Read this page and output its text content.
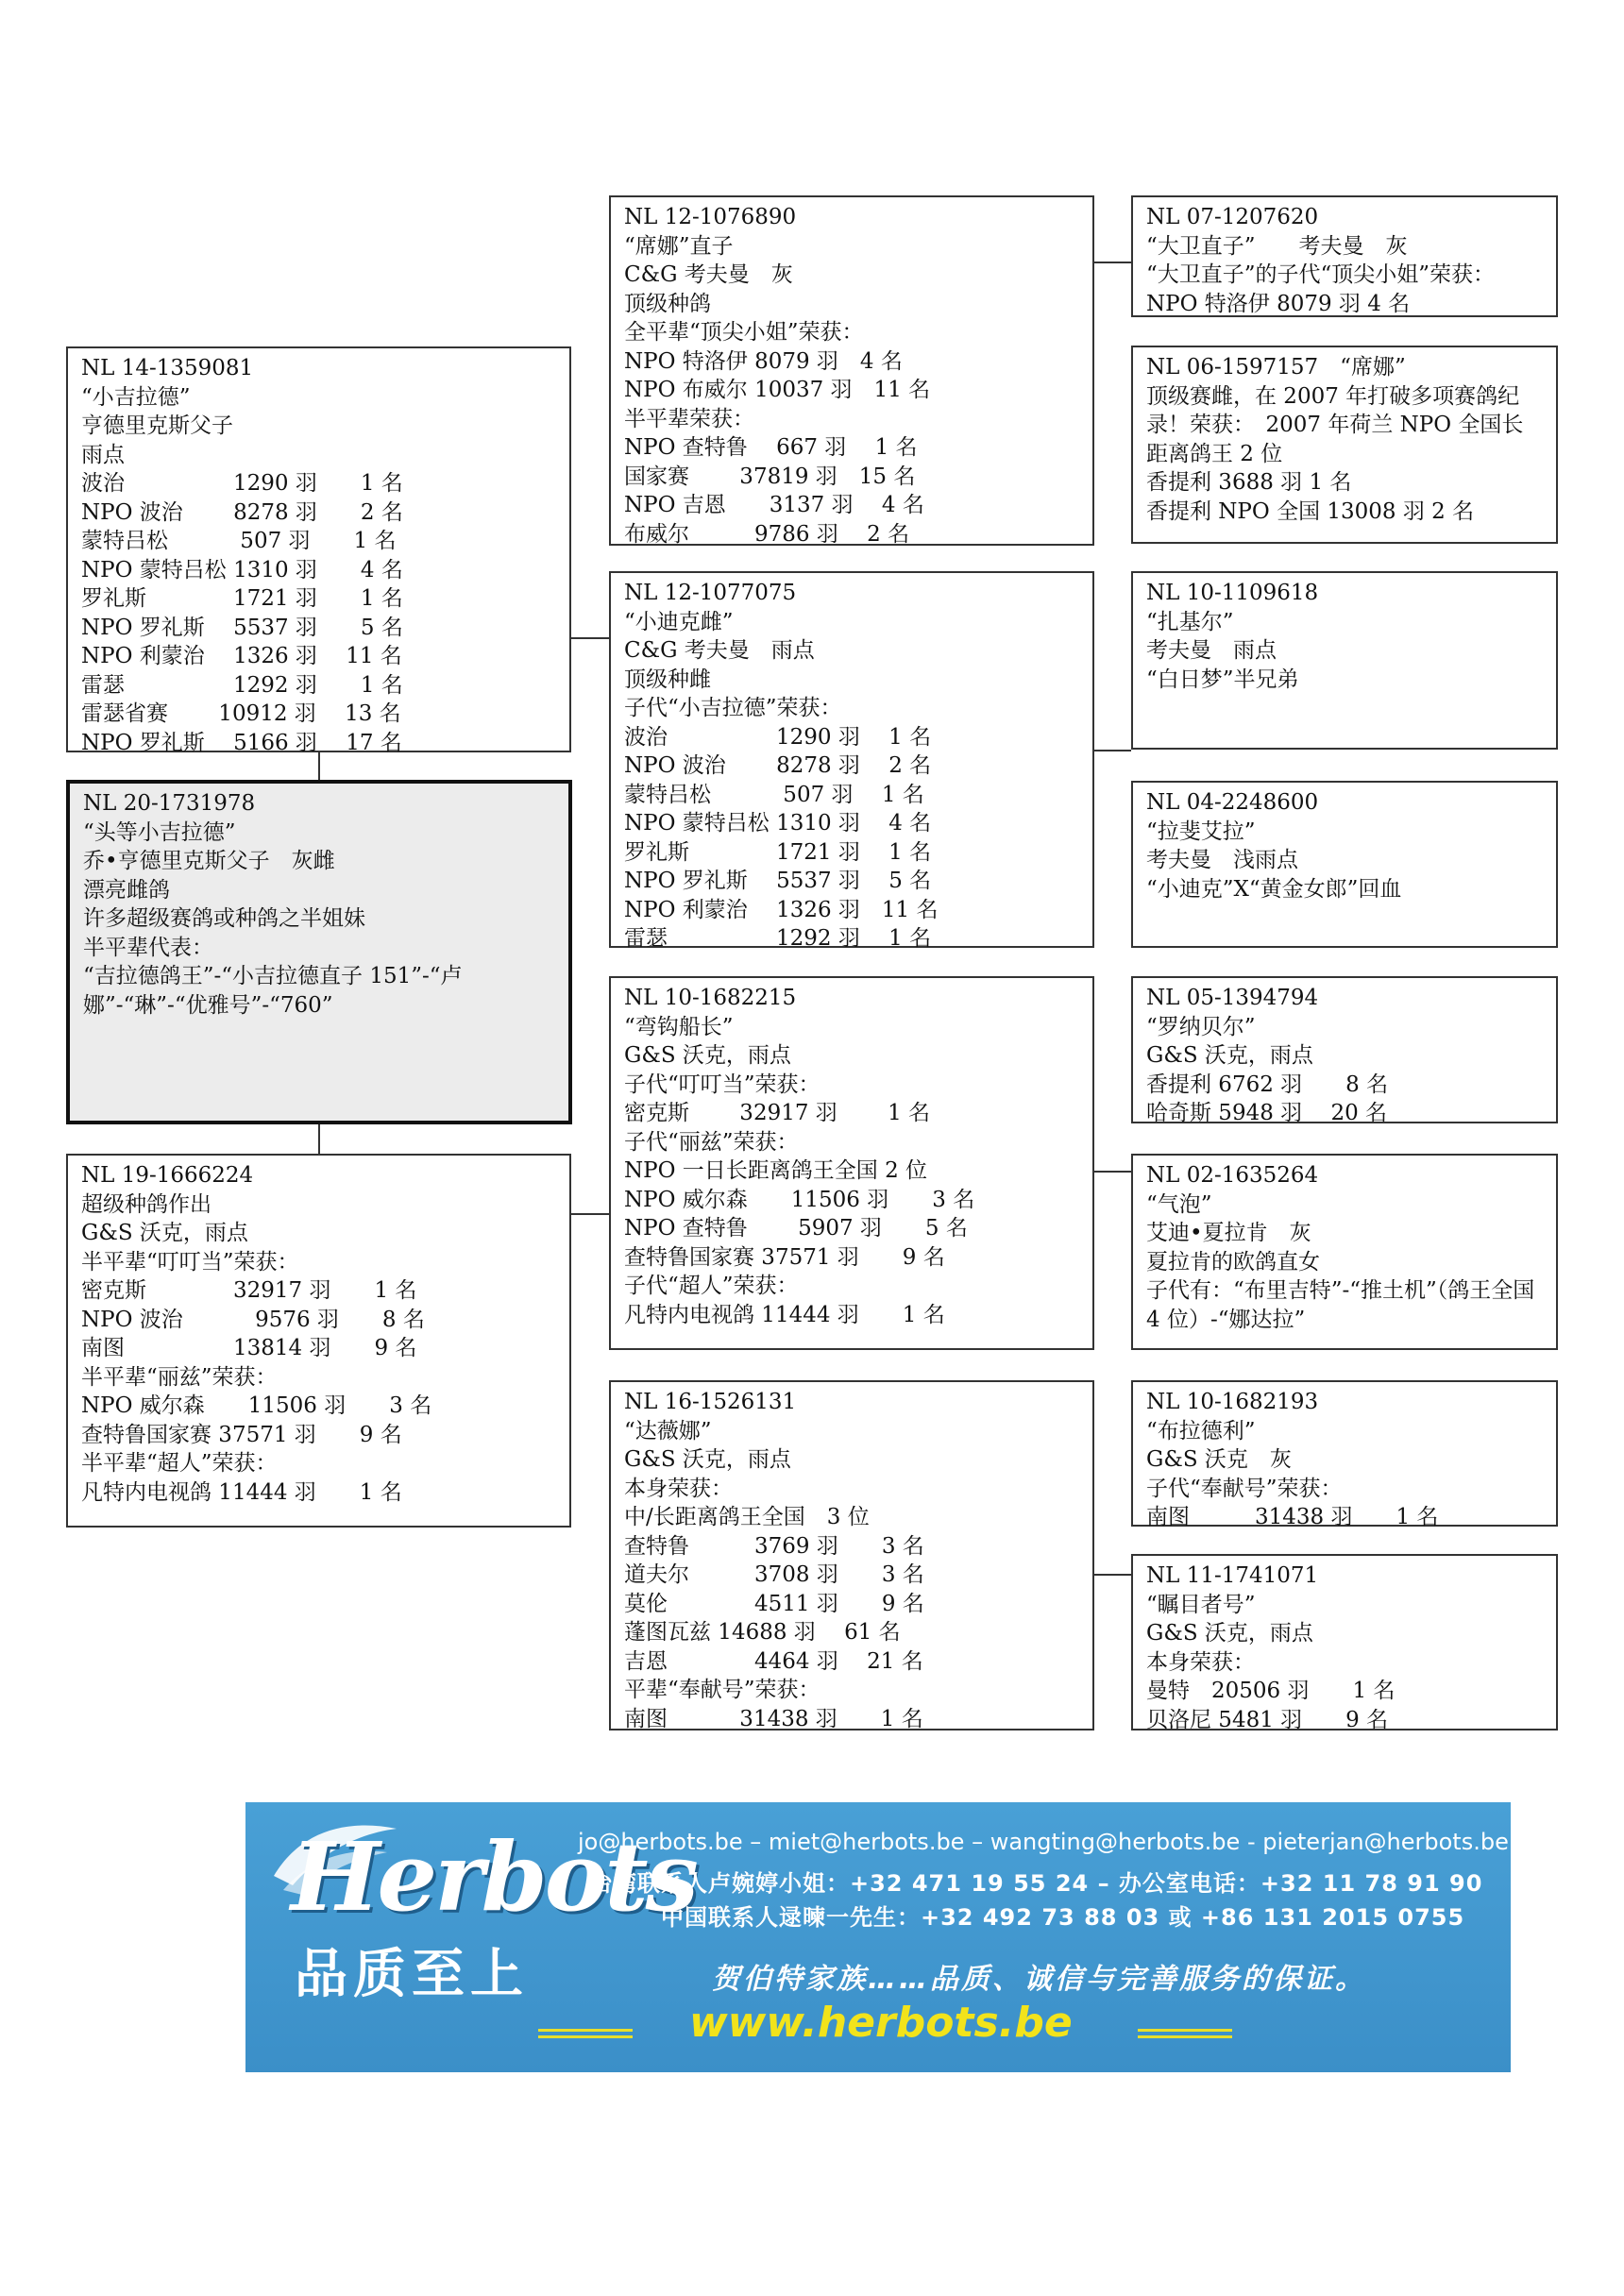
NL 14-1359081
“小吉拉德”
亨德里克斯父子
雨点
波治　　　　　1290 羽　　1 名
NPO 波治　　 8278 羽　　2 名
蒙特吕松　　　 507 羽　　1 名
NPO 蒙特吕松 1310 羽　　4 名
罗礼斯　　　　1721 羽　　1 名
NPO 罗礼斯　 5537 羽　　5 名
NPO 利蒙治　 1326 羽　 11 名
雷瑟　　　　　1292 羽　　1 名
雷瑟省赛　　 10912 羽　 13 名
NPO 罗礼斯　 5166 羽　 17 名
NL 20-1731978
“头等小吉拉德”
乔•亨德里克斯父子　灰雌
漂亮雌鸽
许多超级赛鸽或种鸽之半姐妹
半平辈代表：
“吉拉德鸽王”-“小吉拉德直子 151”-“卢娜”-“琳”-“优雅号”-“760”
NL 19-1666224
超级种鸽作出
G&S 沃克，雨点
半平辈“叮叮当”荣获：
密克斯　　　　32917 羽　　1 名
NPO 波治　　　 9576 羽　　8 名
南图　　　　　13814 羽　　9 名
半平辈“丽兹”荣获：
NPO 威尔森　　11506 羽　　3 名
查特鲁国家赛 37571 羽　　9 名
半平辈“超人”荣获：
凡特内电视鸽 11444 羽　　1 名
NL 12-1076890
“席娜”直子
C&G 考夫曼　灰
顶级种鸽
全平辈“顶尖小姐”荣获：
NPO 特洛伊 8079 羽　4 名
NPO 布威尔 10037 羽　11 名
半平辈荣获：
NPO 查特鲁　 667 羽　 1 名
国家赛　　 37819 羽　15 名
NPO 吉恩　　3137 羽　 4 名
布威尔　　　9786 羽　 2 名
NL 12-1077075
“小迪克雌”
C&G 考夫曼　雨点
顶级种雌
子代“小吉拉德”荣获：
波治　　　　　1290 羽　 1 名
NPO 波治　　 8278 羽　 2 名
蒙特吕松　　　 507 羽　 1 名
NPO 蒙特吕松 1310 羽　 4 名
罗礼斯　　　　1721 羽　 1 名
NPO 罗礼斯　 5537 羽　 5 名
NPO 利蒙治　 1326 羽　11 名
雷瑟　　　　　1292 羽　 1 名
NL 10-1682215
“弯钩船长”
G&S 沃克，雨点
子代“叮叮当”荣获：
密克斯　　 32917 羽　　 1 名
子代“丽兹”荣获：
NPO 一日长距离鸽王全国 2 位
NPO 威尔森　　11506 羽　　3 名
NPO 查特鲁　　 5907 羽　　5 名
查特鲁国家赛 37571 羽　　9 名
子代“超人”荣获：
凡特内电视鸽 11444 羽　　1 名
NL 16-1526131
“达薇娜”
G&S 沃克，雨点
本身荣获：
中/长距离鸽王全国　3 位
查特鲁　　　3769 羽　　3 名
道夫尔　　　3708 羽　　3 名
莫伦　　　　4511 羽　　9 名
蓬图瓦兹 14688 羽　 61 名
吉恩　　　　4464 羽　 21 名
平辈“奉献号”荣获：
南图　　　 31438 羽　　1 名
NL 07-1207620
“大卫直子”　　考夫曼　灰
“大卫直子”的子代“顶尖小姐”荣获：NPO 特洛伊 8079 羽 4 名
NL 06-1597157　“席娜”
顶级赛雌，在 2007 年打破多项赛鸽纪录！荣获：　2007 年荷兰 NPO 全国长距离鸽王 2 位
香提利 3688 羽 1 名
香提利 NPO 全国 13008 羽 2 名
NL 10-1109618
“扎基尔”
考夫曼　雨点
“白日梦”半兄弟
NL 04-2248600
“拉斐艾拉”
考夫曼　浅雨点
“小迪克”X“黄金女郎”回血
NL 05-1394794
“罗纳贝尔”
G&S 沃克，雨点
香提利 6762 羽　　8 名
哈奇斯 5948 羽　 20 名
NL 02-1635264
“气泡”
艾迪•夏拉肯　灰
夏拉肯的欧鸽直女
子代有：“布里吉特”-“推土机”（鸽王全国 4 位）-“娜达拉”
NL 10-1682193
“布拉德利”
G&S 沃克　灰
子代“奉献号”荣获：
南图　　　31438 羽　　1 名
NL 11-1741071
“瞩目者号”
G&S 沃克，雨点
本身荣获：
曼特　20506 羽　　1 名
贝洛尼 5481 羽　　9 名
Herbots
品质至上
jo@herbots.be – miet@herbots.be – wangting@herbots.be - pieterjan@herbots.be
台湾联系人卢婉婷小姐：+32 471 19 55 24 – 办公室电话：+32 11 78 91 90
中国联系人逯暕一先生：+32 492 73 88 03 或 +86 131 2015 0755
贺伯特家族……品质、诚信与完善服务的保证。
www.herbots.be
